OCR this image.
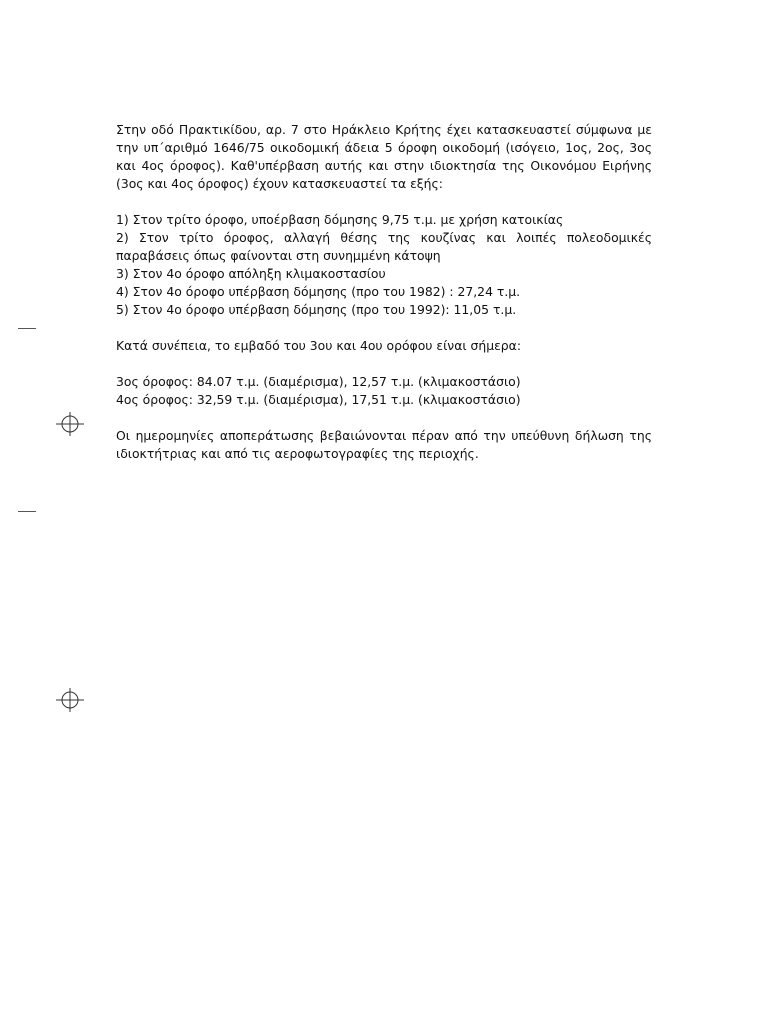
Στην οδό Πρακτικίδου, αρ. 7 στο Ηράκλειο Κρήτης έχει κατασκευαστεί σύμφωνα με
την υπ΄αριθμό 1646/75 οικοδομική άδεια 5 όροφη οικοδομή (ισόγειο, 1ος, 2ος, 3ος
και 4ος όροφος). Καθ'υπέρβαση αυτής και στην ιδιοκτησία της Οικονόμου Ειρήνης
(3ος και 4ος όροφος) έχουν κατασκευαστεί τα εξής:
1) Στον τρίτο όροφο, υποέρβαση δόμησης 9,75 τ.μ. με χρήση κατοικίας
2) Στον τρίτο όροφος, αλλαγή θέσης της κουζίνας και λοιπές πολεοδομικές
παραβάσεις όπως φαίνονται στη συνημμένη κάτοψη
3) Στον 4ο όροφο απόληξη κλιμακοστασίου
4) Στον 4ο όροφο υπέρβαση δόμησης (προ του 1982) : 27,24 τ.μ.
5) Στον 4ο όροφο υπέρβαση δόμησης (προ του 1992): 11,05 τ.μ.
Κατά συνέπεια, το εμβαδό του 3ου και 4ου ορόφου είναι σήμερα:
3ος όροφος: 84.07 τ.μ. (διαμέρισμα), 12,57 τ.μ. (κλιμακοστάσιο)
4ος όροφος: 32,59 τ.μ. (διαμέρισμα), 17,51 τ.μ. (κλιμακοστάσιο)
Οι ημερομηνίες αποπεράτωσης βεβαιώνονται πέραν από την υπεύθυνη δήλωση της
ιδιοκτήτριας και από τις αεροφωτογραφίες της περιοχής.
